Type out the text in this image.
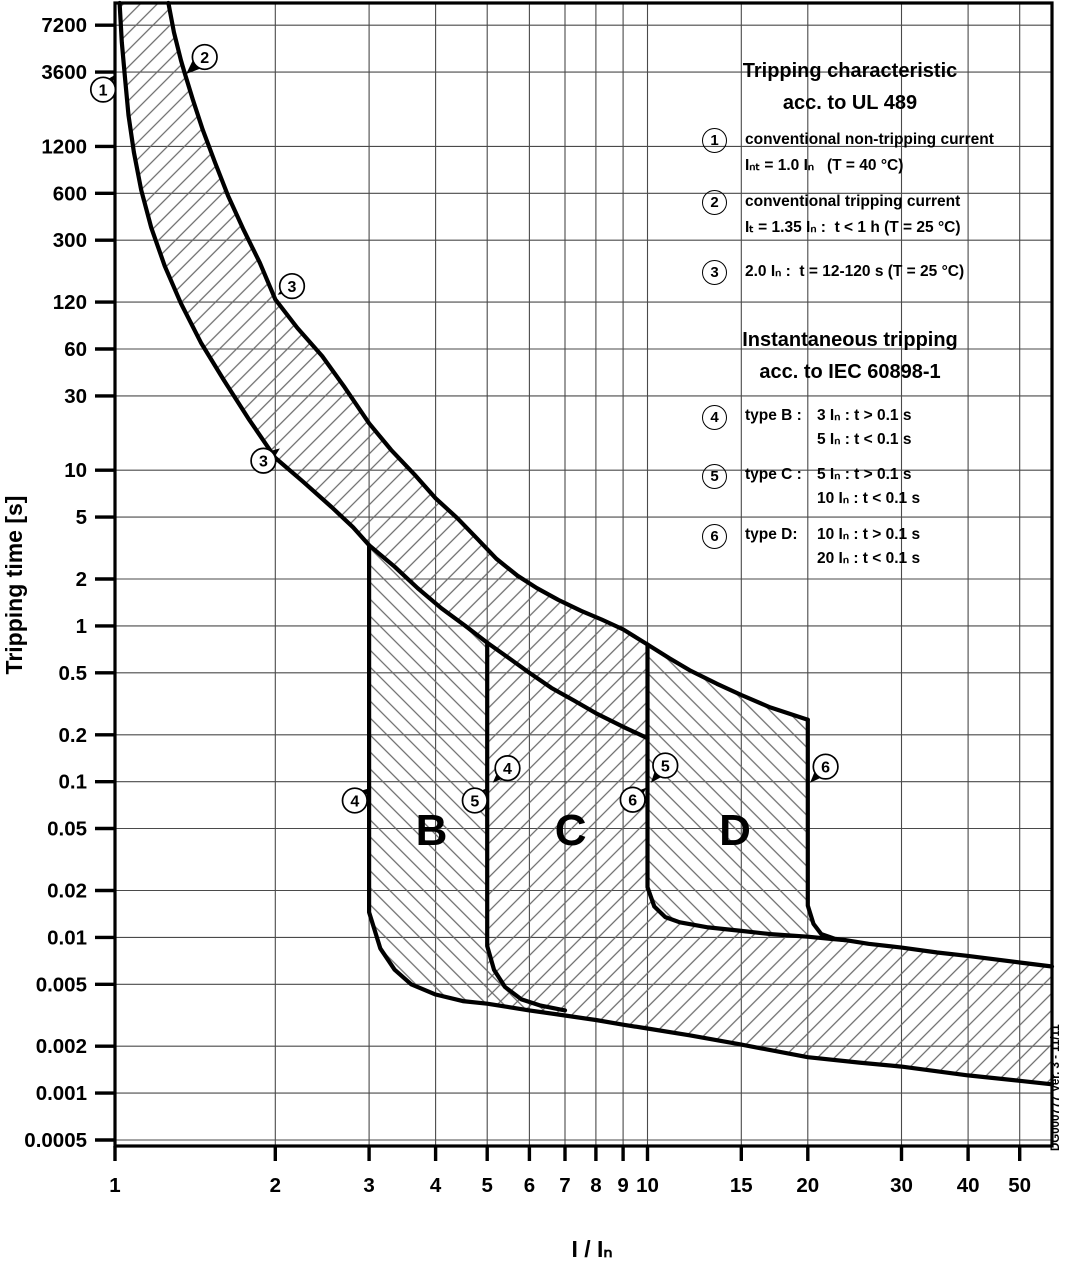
7200
3600
1200
600
300
120
60
30
10
5
2
1
0.5
0.2
0.1
0.05
0.02
0.01
0.005
0.002
0.001
0.0005
1	2	3	4 5 6 7 8 9 10	15 20	30 40 50
B C	D
1
2
3
3
4
4
5
5
6
6
I / Iₙ
Tripping time [s]
Tripping characteristic
acc. to UL 489
1	conventional non-tripping current
Iₙₜ = 1.0 Iₙ   (T = 40 °C)
2	conventional tripping current
Iₜ = 1.35 Iₙ :  t < 1 h (T = 25 °C)
3	2.0 Iₙ :  t = 12-120 s (T = 25 °C)
Instantaneous tripping
acc. to IEC 60898-1
4	type B : 3 Iₙ : t > 0.1 s
5 Iₙ : t < 0.1 s
5	type C : 5 Iₙ : t > 0.1 s
10 Iₙ : t < 0.1 s
6	type D:	10 Iₙ : t > 0.1 s
20 Iₙ : t < 0.1 s
DG000777 Ver. 3 - 11/11
